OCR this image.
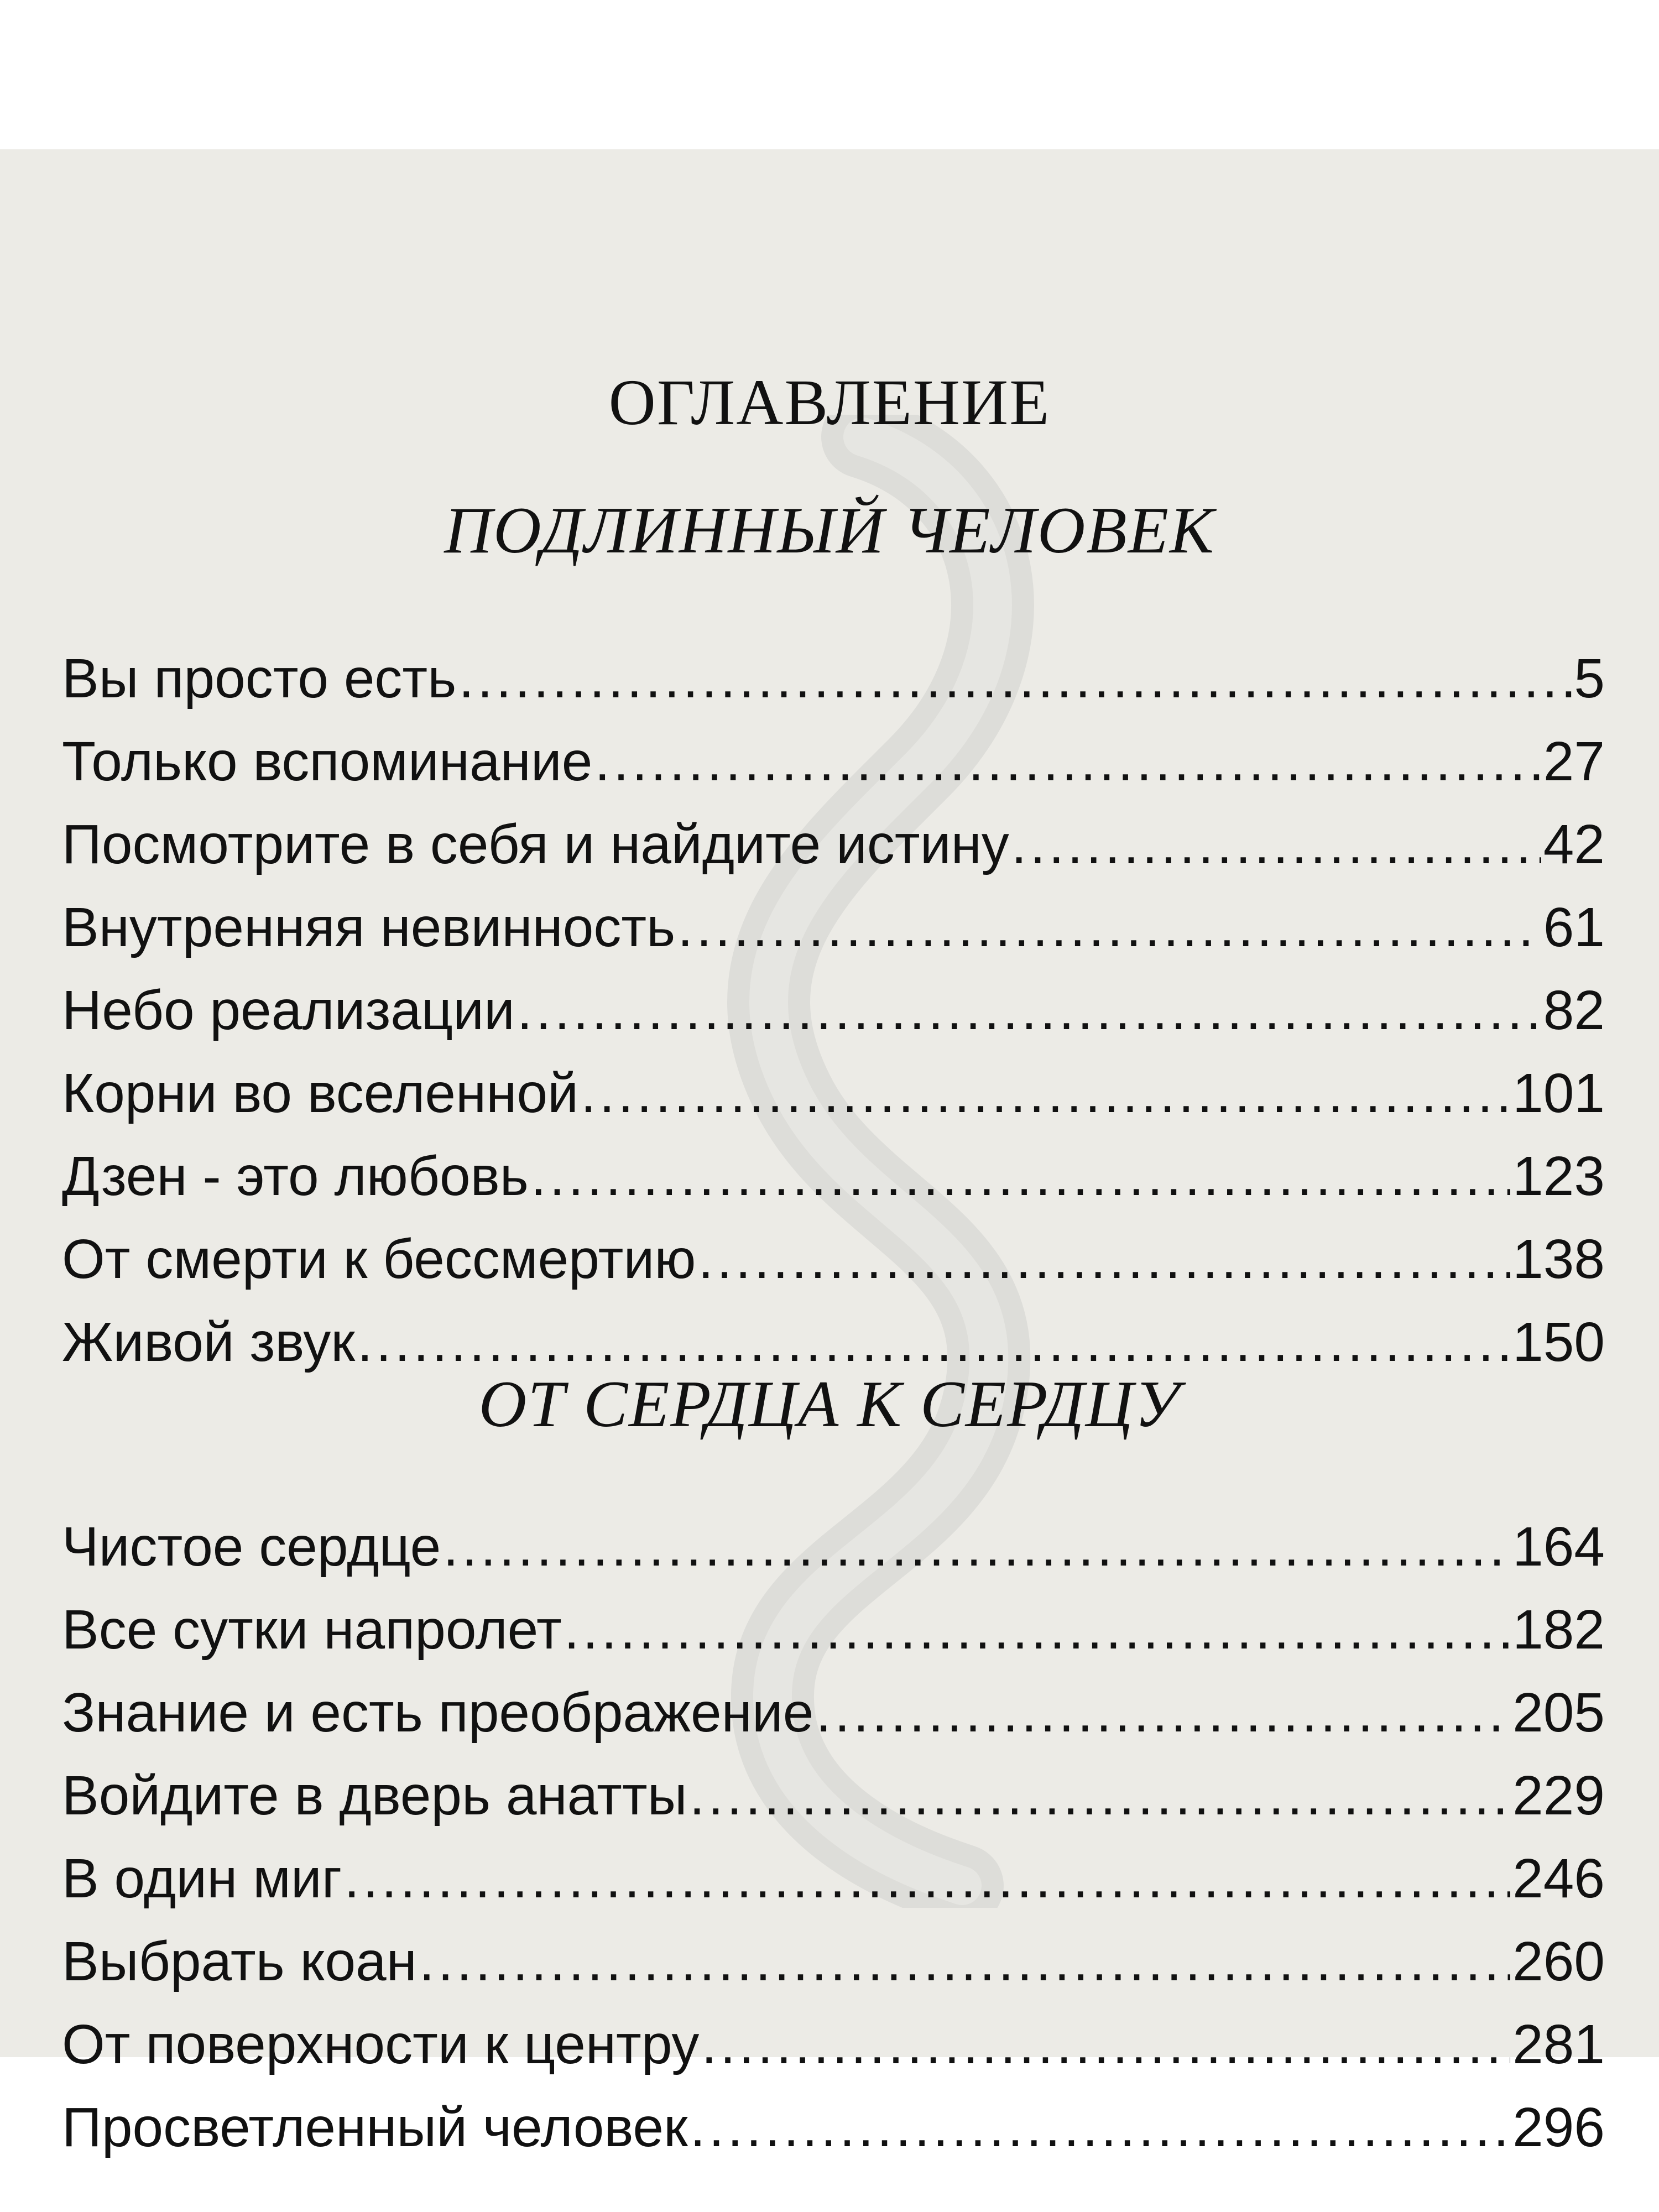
ОГЛАВЛЕНИЕ
ПОДЛИННЫЙ ЧЕЛОВЕК
Вы просто есть .....	5
Только вспоминание .....	27
Посмотрите в себя и найдите истину .....	42
Внутренняя невинность .....	61
Небо реализации .....	82
Корни во вселенной .....	101
Дзен - это любовь .....	123
От смерти к бессмертию .....	138
Живой звук .....	150
ОТ СЕРДЦА К СЕРДЦУ
Чистое сердце .....	164
Все сутки напролет .....	182
Знание и есть преображение .....	205
Войдите в дверь анатты .....	229
В один миг .....	246
Выбрать коан .....	260
От поверхности к центру .....	281
Просветленный человек .....	296
